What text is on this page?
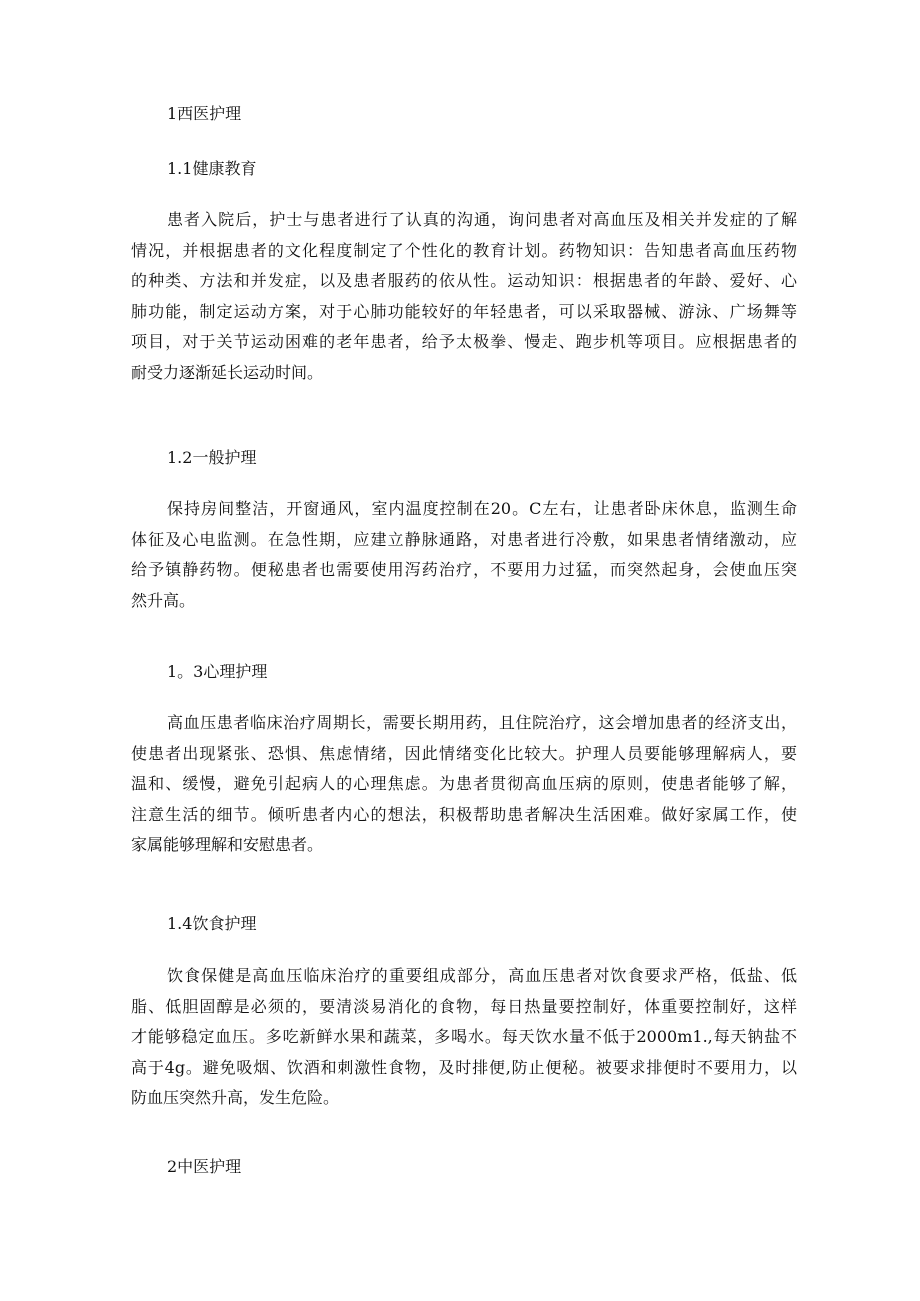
1西医护理
1.1健康教育
患者入院后，护士与患者进行了认真的沟通，询问患者对高血压及相关并发症的了解
情况，并根据患者的文化程度制定了个性化的教育计划。药物知识：告知患者高血压药物
的种类、方法和并发症，以及患者服药的依从性。运动知识：根据患者的年龄、爱好、心
肺功能，制定运动方案，对于心肺功能较好的年轻患者，可以采取器械、游泳、广场舞等
项目，对于关节运动困难的老年患者，给予太极拳、慢走、跑步机等项目。应根据患者的
耐受力逐渐延长运动时间。
1.2一般护理
保持房间整洁，开窗通风，室内温度控制在20。C左右，让患者卧床休息，监测生命
体征及心电监测。在急性期，应建立静脉通路，对患者进行冷敷，如果患者情绪激动，应
给予镇静药物。便秘患者也需要使用泻药治疗，不要用力过猛，而突然起身，会使血压突
然升高。
1。3心理护理
高血压患者临床治疗周期长，需要长期用药，且住院治疗，这会增加患者的经济支出，
使患者出现紧张、恐惧、焦虑情绪，因此情绪变化比较大。护理人员要能够理解病人，要
温和、缓慢，避免引起病人的心理焦虑。为患者贯彻高血压病的原则，使患者能够了解，
注意生活的细节。倾听患者内心的想法，积极帮助患者解决生活困难。做好家属工作，使
家属能够理解和安慰患者。
1.4饮食护理
饮食保健是高血压临床治疗的重要组成部分，高血压患者对饮食要求严格，低盐、低
脂、低胆固醇是必须的，要清淡易消化的食物，每日热量要控制好，体重要控制好，这样
才能够稳定血压。多吃新鲜水果和蔬菜，多喝水。每天饮水量不低于2000m1.,每天钠盐不
高于4g。避免吸烟、饮酒和刺激性食物，及时排便,防止便秘。被要求排便时不要用力，以
防血压突然升高，发生危险。
2中医护理
